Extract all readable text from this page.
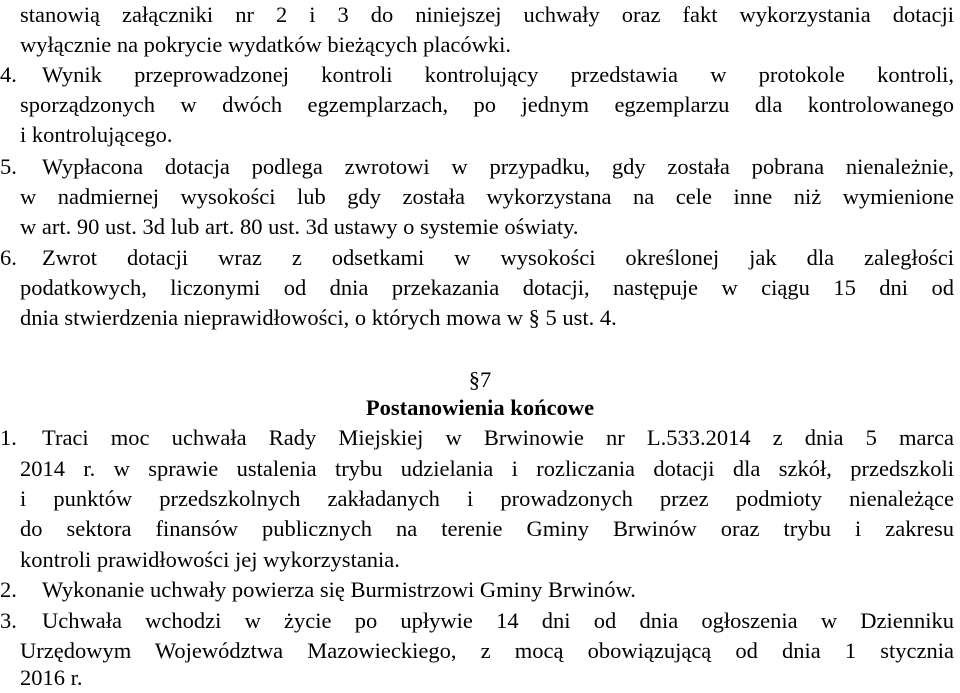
stanowią załączniki nr 2 i 3 do niniejszej uchwały oraz fakt wykorzystania dotacji
wyłącznie na pokrycie wydatków bieżących placówki.
4.	Wynik przeprowadzonej kontroli kontrolujący przedstawia w protokole kontroli,
sporządzonych w dwóch egzemplarzach, po jednym egzemplarzu dla kontrolowanego
i kontrolującego.
5.	Wypłacona dotacja podlega zwrotowi w przypadku, gdy została pobrana nienależnie,
w nadmiernej wysokości lub gdy została wykorzystana na cele inne niż wymienione
w art. 90 ust. 3d lub art. 80 ust. 3d ustawy o systemie oświaty.
6.	Zwrot dotacji wraz z odsetkami w wysokości określonej jak dla zaległości
podatkowych, liczonymi od dnia przekazania dotacji, następuje w ciągu 15 dni od
dnia stwierdzenia nieprawidłowości, o których mowa w § 5 ust. 4.
§7
Postanowienia końcowe
1.	Traci moc uchwała Rady Miejskiej w Brwinowie nr L.533.2014 z dnia 5 marca
2014 r. w sprawie ustalenia trybu udzielania i rozliczania dotacji dla szkół, przedszkoli
i punktów przedszkolnych zakładanych i prowadzonych przez podmioty nienależące
do sektora finansów publicznych na terenie Gminy Brwinów oraz trybu i zakresu
kontroli prawidłowości jej wykorzystania.
2.	Wykonanie uchwały powierza się Burmistrzowi Gminy Brwinów.
3.	Uchwała wchodzi w życie po upływie 14 dni od dnia ogłoszenia w Dzienniku
Urzędowym Województwa Mazowieckiego, z mocą obowiązującą od dnia 1 stycznia
2016 r.
